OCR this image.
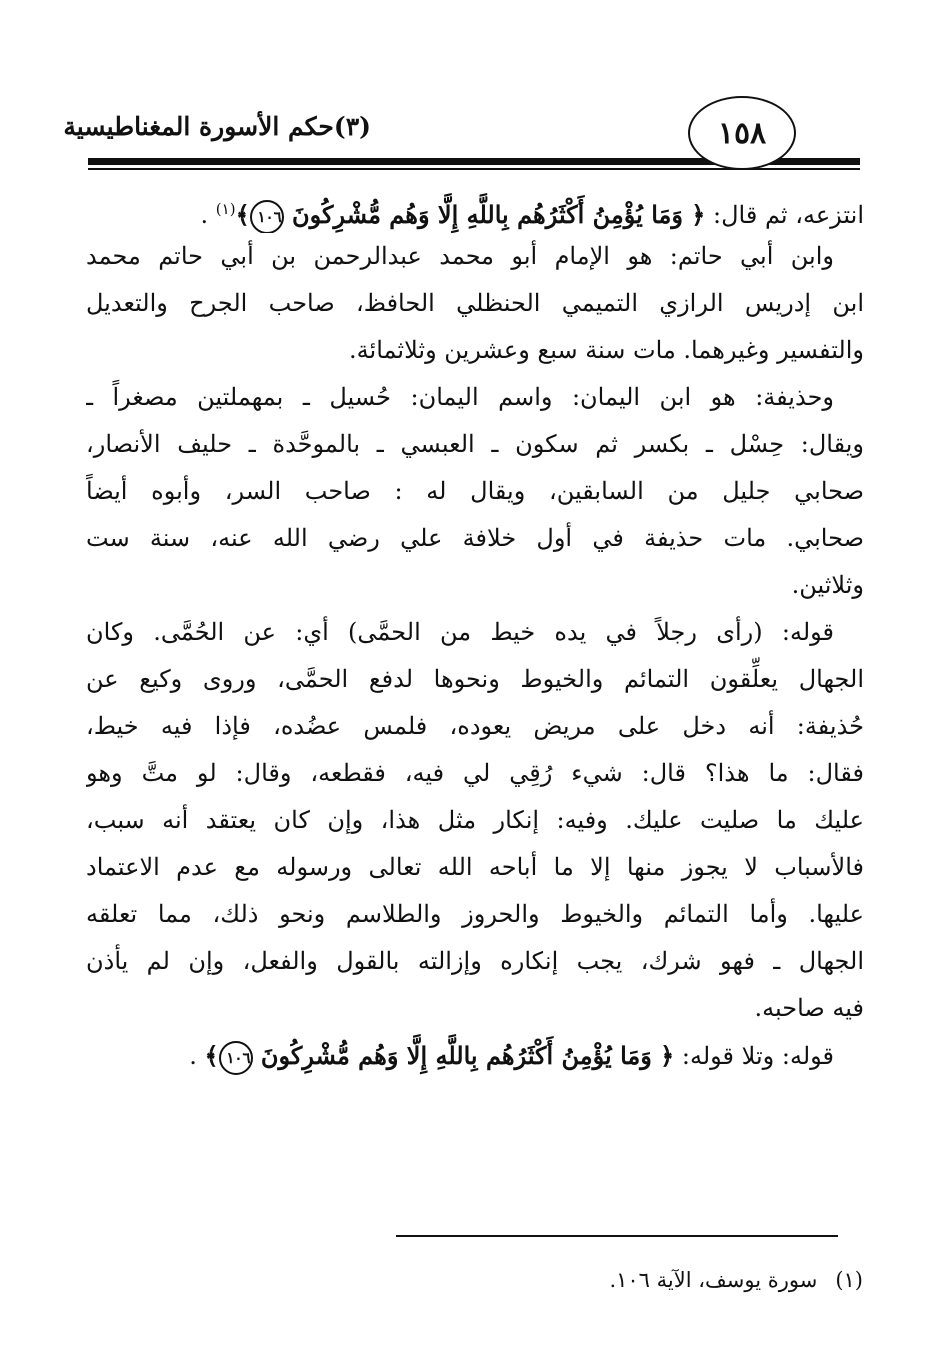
١٥٨
(٣)حكم الأسورة المغناطيسية
انتزعه، ثم قال: ﴿ وَمَا يُؤْمِنُ أَكْثَرُهُم بِاللَّهِ إِلَّا وَهُم مُّشْرِكُونَ ١٠٦﴾$^{(١)}$ .
وابن أبي حاتم: هو الإمام أبو محمد عبدالرحمن بن أبي حاتم محمد
ابن إدريس الرازي التميمي الحنظلي الحافظ، صاحب الجرح والتعديل
والتفسير وغيرهما. مات سنة سبع وعشرين وثلاثمائة.
وحذيفة: هو ابن اليمان: واسم اليمان: حُسيل ـ بمهملتين مصغراً ـ
ويقال: حِسْل ـ بكسر ثم سكون ـ العبسي ـ بالموحَّدة ـ حليف الأنصار،
صحابي جليل من السابقين، ويقال له : صاحب السر، وأبوه أيضاً
صحابي. مات حذيفة في أول خلافة علي رضي الله عنه، سنة ست
وثلاثين.
قوله: (رأى رجلاً في يده خيط من الحمَّى) أي: عن الحُمَّى. وكان
الجهال يعلِّقون التمائم والخيوط ونحوها لدفع الحمَّى، وروى وكيع عن
حُذيفة: أنه دخل على مريض يعوده، فلمس عضُده، فإذا فيه خيط،
فقال: ما هذا؟ قال: شيء رُقِي لي فيه، فقطعه، وقال: لو متَّ وهو
عليك ما صليت عليك. وفيه: إنكار مثل هذا، وإن كان يعتقد أنه سبب،
فالأسباب لا يجوز منها إلا ما أباحه الله تعالى ورسوله مع عدم الاعتماد
عليها. وأما التمائم والخيوط والحروز والطلاسم ونحو ذلك، مما تعلقه
الجهال ـ فهو شرك، يجب إنكاره وإزالته بالقول والفعل، وإن لم يأذن
فيه صاحبه.
قوله: وتلا قوله: ﴿ وَمَا يُؤْمِنُ أَكْثَرُهُم بِاللَّهِ إِلَّا وَهُم مُّشْرِكُونَ ١٠٦﴾ .
(١)سورة يوسف، الآية ١٠٦.
